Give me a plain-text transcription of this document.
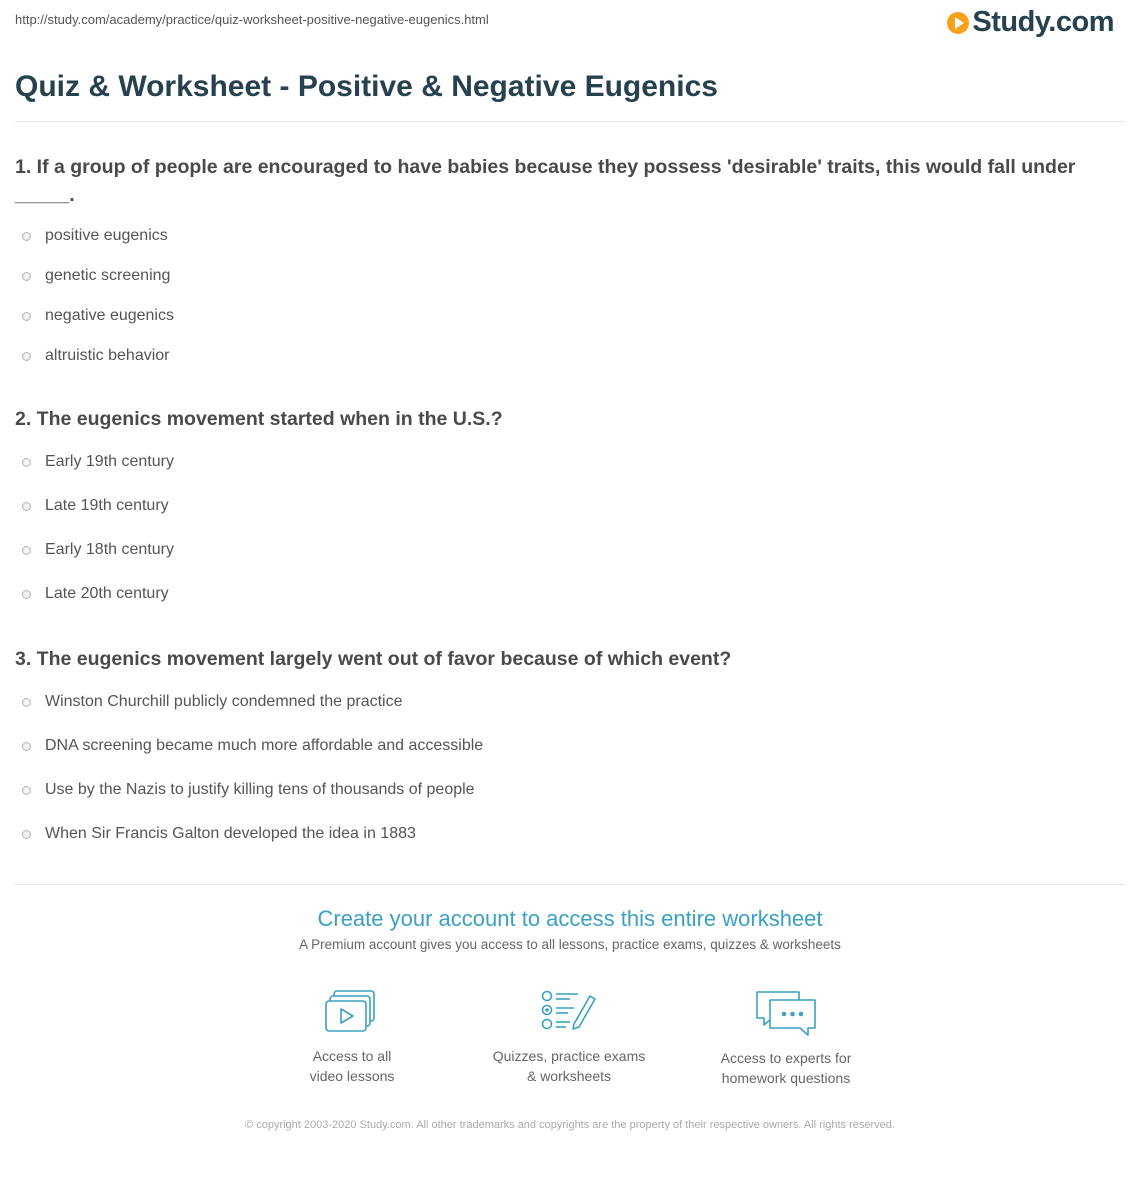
http://study.com/academy/practice/quiz-worksheet-positive-negative-eugenics.html	Study.com
Quiz & Worksheet - Positive & Negative Eugenics

1. If a group of people are encouraged to have babies because they possess 'desirable' traits, this would fall under _____.

positive eugenics
genetic screening
negative eugenics
altruistic behavior

2. The eugenics movement started when in the U.S.?

Early 19th century
Late 19th century
Early 18th century
Late 20th century

3. The eugenics movement largely went out of favor because of which event?

Winston Churchill publicly condemned the practice
DNA screening became much more affordable and accessible
Use by the Nazis to justify killing tens of thousands of people
When Sir Francis Galton developed the idea in 1883
Create your account to access this entire worksheet
A Premium account gives you access to all lessons, practice exams, quizzes & worksheets
Access to all
video lessons
Quizzes, practice exams
& worksheets
Access to experts for
homework questions
© copyright 2003-2020 Study.com. All other trademarks and copyrights are the property of their respective owners. All rights reserved.
